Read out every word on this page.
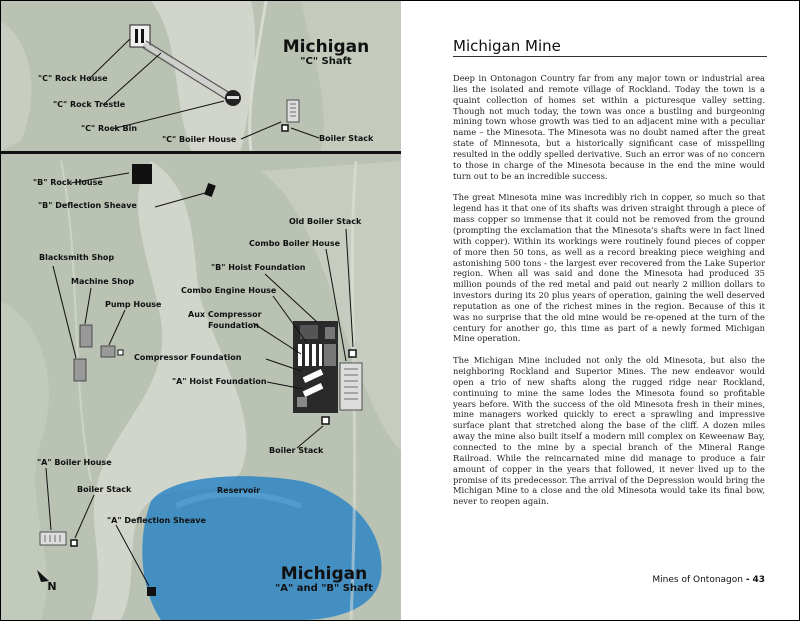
Michigan
"C" Shaft
Michigan
"A" and "B" Shaft
"C" Rock House
"C" Rock Trestle
"C" Rock Bin
"C" Boiler House	Boiler Stack
"B" Rock House
"B" Deflection Sheave
Old Boiler Stack
Combo Boiler House
"B" Hoist Foundation
Blacksmith Shop
Machine Shop
Pump House
Combo Engine House
Aux Compressor
Foundation
Compressor Foundation
"A" Hoist Foundation
Boiler Stack
"A" Boiler House
Boiler Stack	Reservoir
"A" Deflection Sheave
N
Michigan Mine

Deep in Ontonagon Country far from any major town or industrial area lies the isolated and remote village of Rockland. Today the town is a quaint collection of homes set within a picturesque valley setting. Though not much today, the town was once a bustling and burgeoning mining town whose growth was tied to an adjacent mine with a peculiar name – the Minesota. The Minesota was no doubt named after the great state of Minnesota, but a historically significant case of misspelling resulted in the oddly spelled derivative. Such an error was of no concern to those in charge of the Minesota because in the end the mine would turn out to be an incredible success.

The great Minesota mine was incredibly rich in copper, so much so that legend has it that one of its shafts was driven straight through a piece of mass copper so immense that it could not be removed from the ground (prompting the exclamation that the Minesota's shafts were in fact lined with copper). Within its workings were routinely found pieces of copper of more then 50 tons, as well as a record breaking piece weighing and astonishing 500 tons - the largest ever recovered from the Lake Superior region. When all was said and done the Minesota had produced 35 million pounds of the red metal and paid out nearly 2 million dollars to investors during its 20 plus years of operation, gaining the well deserved reputation as one of the richest mines in the region. Because of this it was no surprise that the old mine would be re-opened at the turn of the century for another go, this time as part of a newly formed Michigan Mine operation.

The Michigan Mine included not only the old Minesota, but also the neighboring Rockland and Superior Mines. The new endeavor would open a trio of new shafts along the rugged ridge near Rockland, continuing to mine the same lodes the Minesota found so profitable years before. With the success of the old Minesota fresh in their mines, mine managers worked quickly to erect a sprawling and impressive surface plant that stretched along the base of the cliff. A dozen miles away the mine also built itself a modern mill complex on Keweenaw Bay, connected to the mine by a special branch of the Mineral Range Railroad. While the reincarnated mine did manage to produce a fair amount of copper in the years that followed, it never lived up to the promise of its predecessor. The arrival of the Depression would bring the Michigan Mine to a close and the old Minesota would take its final bow, never to reopen again.

Mines of Ontonagon - 43
